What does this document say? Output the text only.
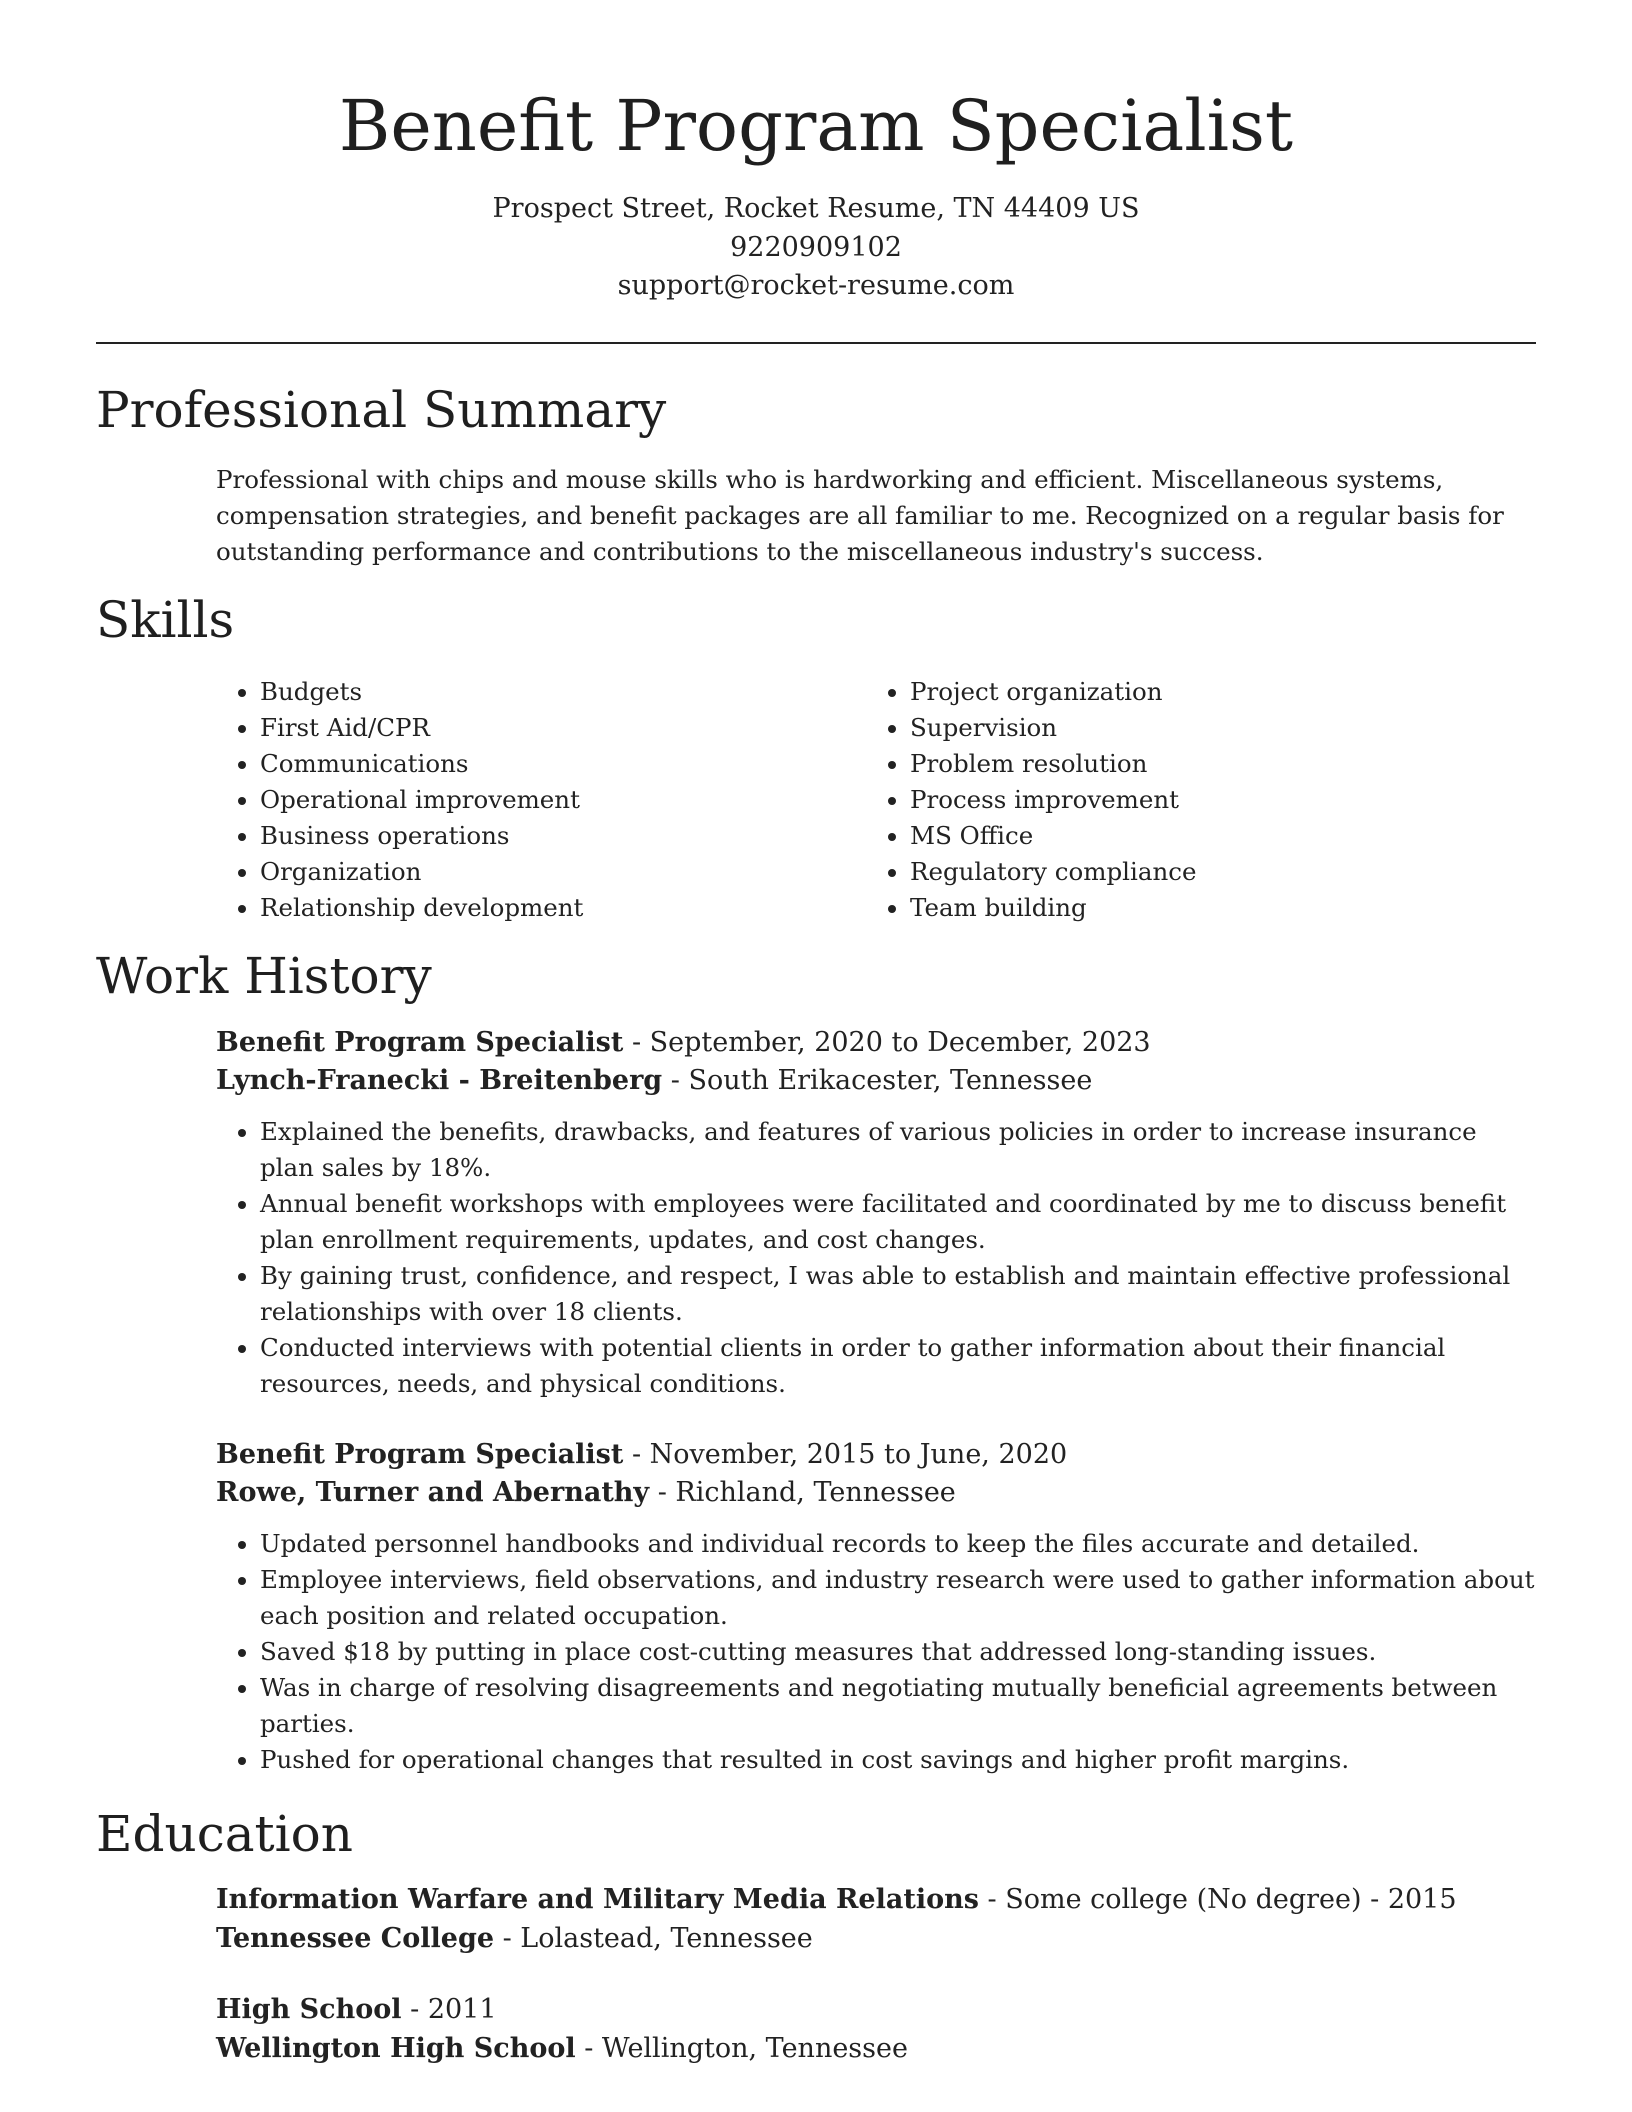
Benefit Program Specialist
Prospect Street, Rocket Resume, TN 44409 US
9220909102
support@rocket-resume.com
Professional Summary

Professional with chips and mouse skills who is hardworking and efficient. Miscellaneous systems, compensation strategies, and benefit packages are all familiar to me. Recognized on a regular basis for outstanding performance and contributions to the miscellaneous industry's success.

Skills
• Budgets
• First Aid/CPR
• Communications
• Operational improvement
• Business operations
• Organization
• Relationship development
• Project organization
• Supervision
• Problem resolution
• Process improvement
• MS Office
• Regulatory compliance
• Team building
Work History
Benefit Program Specialist - September, 2020 to December, 2023
Lynch-Franecki - Breitenberg - South Erikacester, Tennessee
• Explained the benefits, drawbacks, and features of various policies in order to increase insurance plan sales by 18%.
• Annual benefit workshops with employees were facilitated and coordinated by me to discuss benefit plan enrollment requirements, updates, and cost changes.
• By gaining trust, confidence, and respect, I was able to establish and maintain effective professional relationships with over 18 clients.
• Conducted interviews with potential clients in order to gather information about their financial resources, needs, and physical conditions.
Benefit Program Specialist - November, 2015 to June, 2020
Rowe, Turner and Abernathy - Richland, Tennessee
• Updated personnel handbooks and individual records to keep the files accurate and detailed.
• Employee interviews, field observations, and industry research were used to gather information about each position and related occupation.
• Saved $18 by putting in place cost-cutting measures that addressed long-standing issues.
• Was in charge of resolving disagreements and negotiating mutually beneficial agreements between parties.
• Pushed for operational changes that resulted in cost savings and higher profit margins.
Education
Information Warfare and Military Media Relations - Some college (No degree) - 2015
Tennessee College - Lolastead, Tennessee
High School - 2011
Wellington High School - Wellington, Tennessee
